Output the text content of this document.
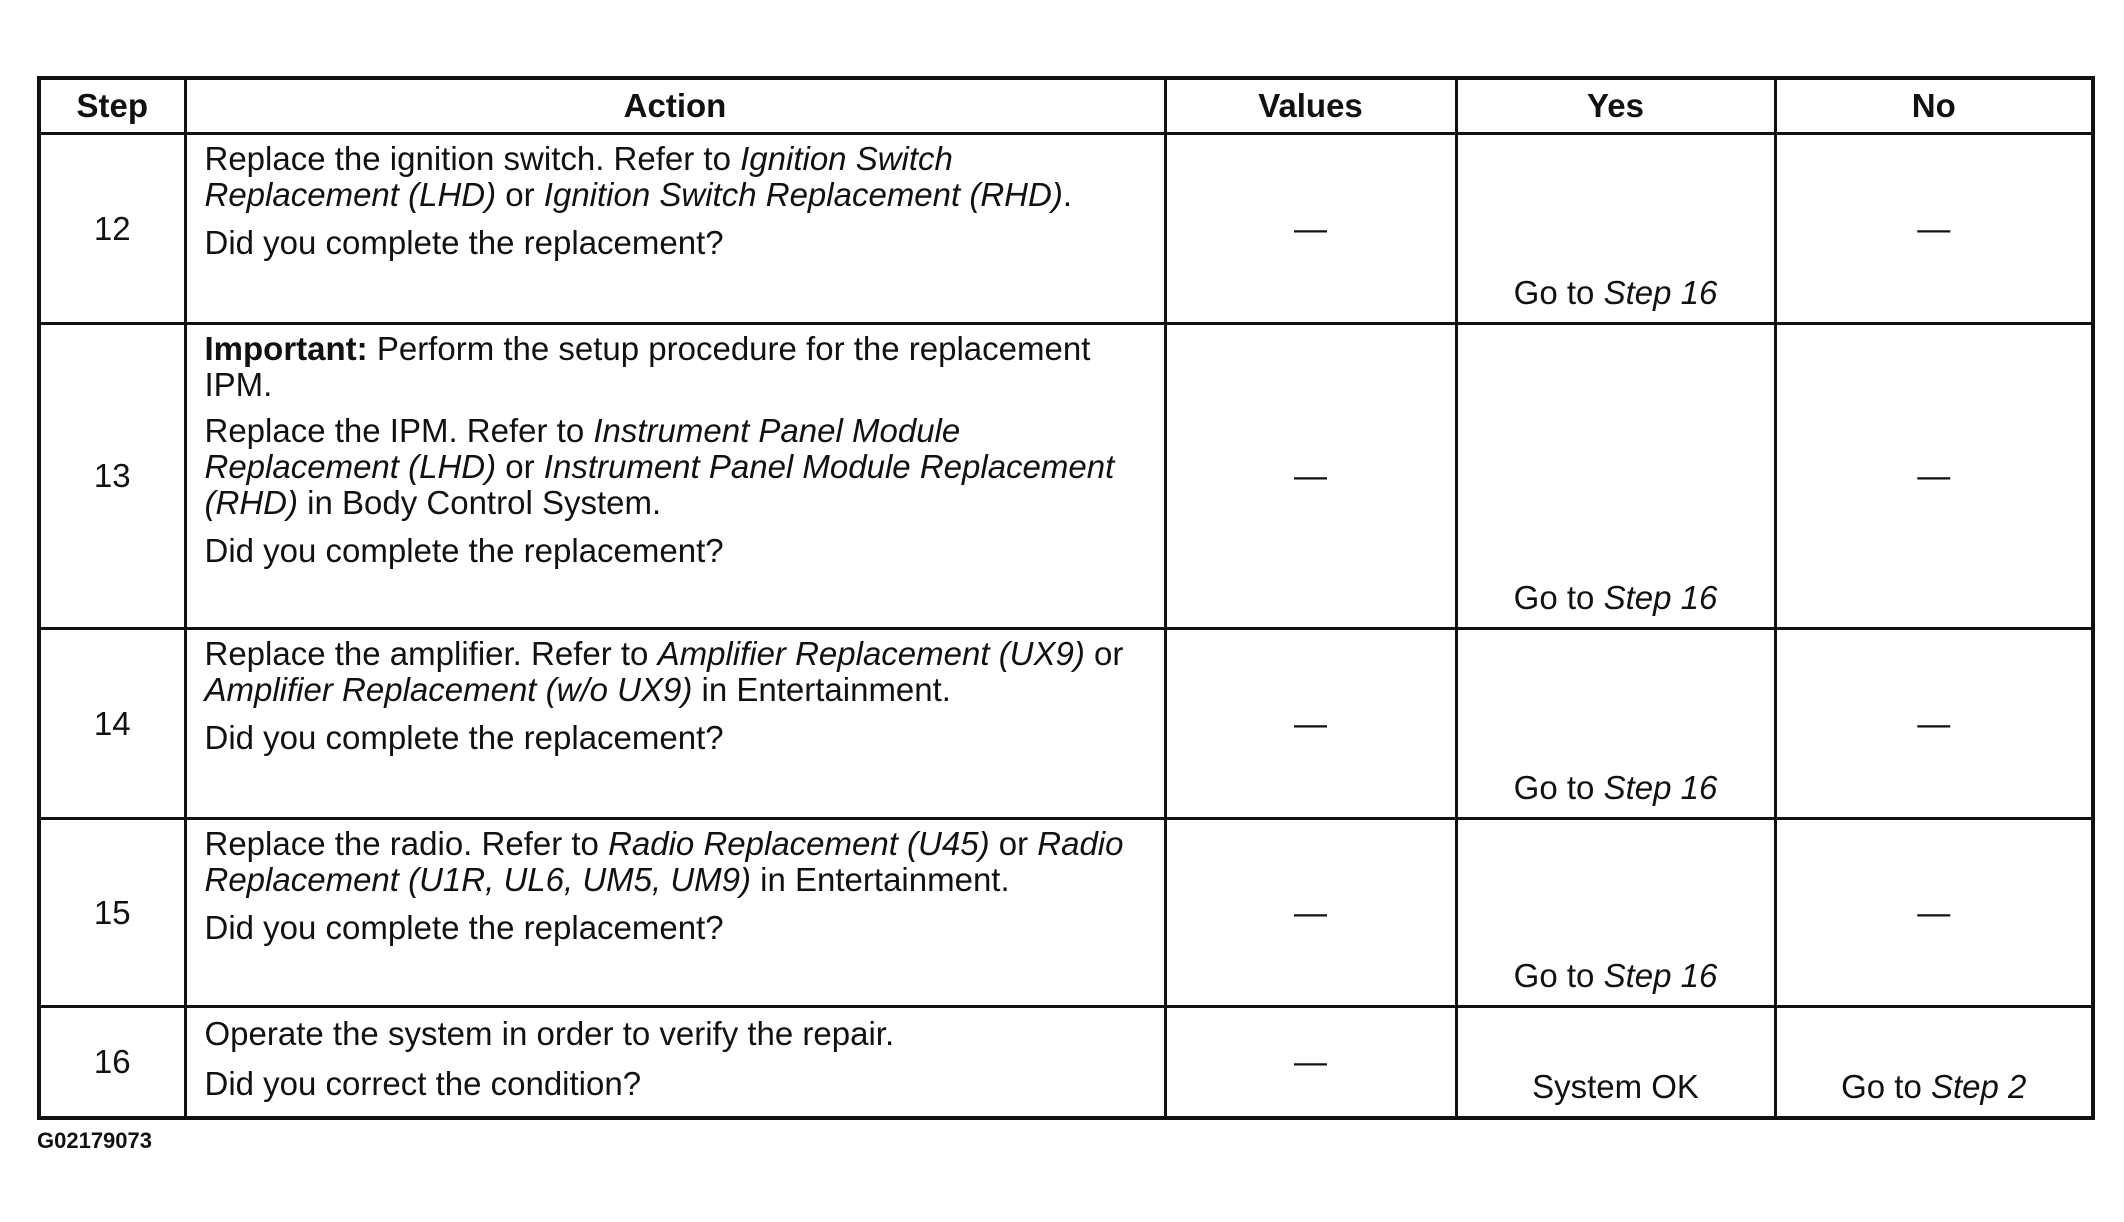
Step	Action	Values	Yes	No
12	Replace the ignition switch. Refer to Ignition Switch Replacement (LHD) or Ignition Switch Replacement (RHD).

Did you complete the replacement?	—	Go to Step 16	—
13	Important: Perform the setup procedure for the replacement IPM.

Replace the IPM. Refer to Instrument Panel Module Replacement (LHD) or Instrument Panel Module Replacement (RHD) in Body Control System.

Did you complete the replacement?	—	Go to Step 16	—
14	Replace the amplifier. Refer to Amplifier Replacement (UX9) or Amplifier Replacement (w/o UX9) in Entertainment.

Did you complete the replacement?	—	Go to Step 16	—
15	Replace the radio. Refer to Radio Replacement (U45) or Radio Replacement (U1R, UL6, UM5, UM9) in Entertainment.

Did you complete the replacement?	—	Go to Step 16	—
16	Operate the system in order to verify the repair.

Did you correct the condition?	—	System OK	Go to Step 2
G02179073
